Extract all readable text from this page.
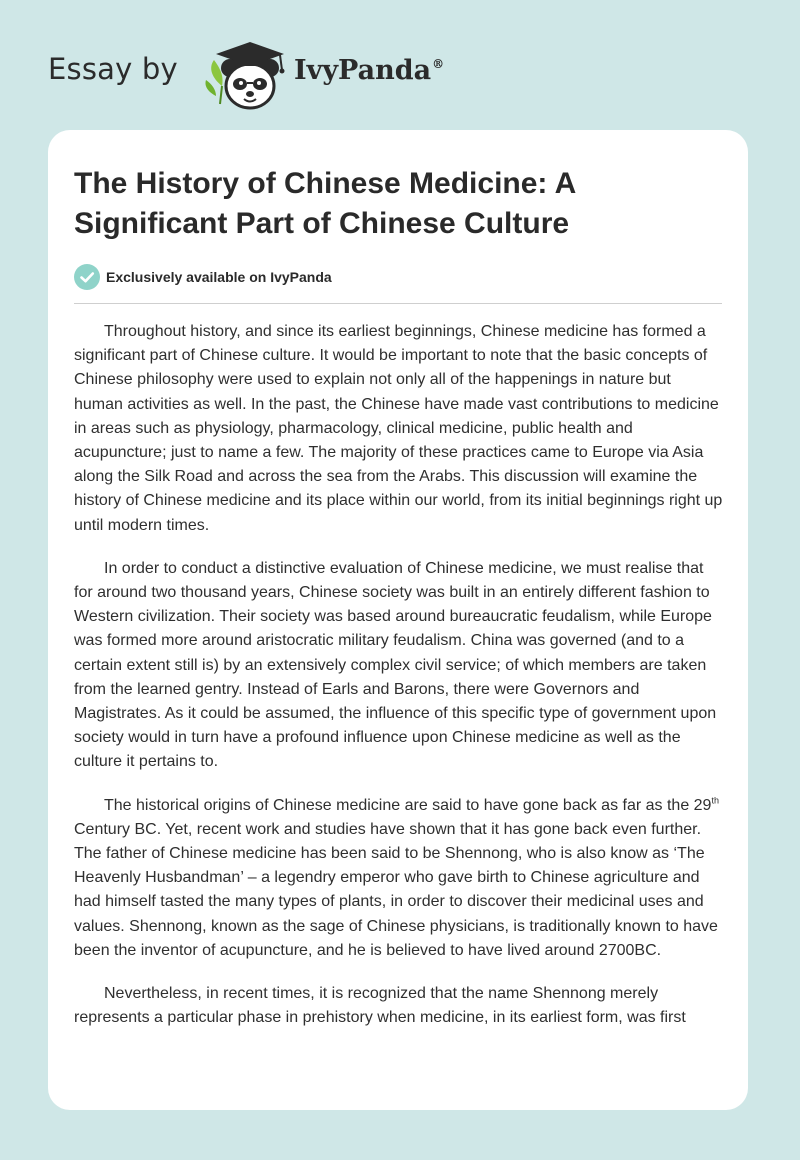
Essay by	IvyPanda®
The History of Chinese Medicine: A Significant Part of Chinese Culture
Exclusively available on IvyPanda

Throughout history, and since its earliest beginnings, Chinese medicine has formed a significant part of Chinese culture. It would be important to note that the basic concepts of Chinese philosophy were used to explain not only all of the happenings in nature but human activities as well. In the past, the Chinese have made vast contributions to medicine in areas such as physiology, pharmacology, clinical medicine, public health and acupuncture; just to name a few. The majority of these practices came to Europe via Asia along the Silk Road and across the sea from the Arabs. This discussion will examine the history of Chinese medicine and its place within our world, from its initial beginnings right up until modern times.

In order to conduct a distinctive evaluation of Chinese medicine, we must realise that for around two thousand years, Chinese society was built in an entirely different fashion to Western civilization. Their society was based around bureaucratic feudalism, while Europe was formed more around aristocratic military feudalism. China was governed (and to a certain extent still is) by an extensively complex civil service; of which members are taken from the learned gentry. Instead of Earls and Barons, there were Governors and Magistrates. As it could be assumed, the influence of this specific type of government upon society would in turn have a profound influence upon Chinese medicine as well as the culture it pertains to.

The historical origins of Chinese medicine are said to have gone back as far as the 29th Century BC. Yet, recent work and studies have shown that it has gone back even further. The father of Chinese medicine has been said to be Shennong, who is also know as ‘The Heavenly Husbandman’ – a legendry emperor who gave birth to Chinese agriculture and had himself tasted the many types of plants, in order to discover their medicinal uses and values. Shennong, known as the sage of Chinese physicians, is traditionally known to have been the inventor of acupuncture, and he is believed to have lived around 2700BC.

Nevertheless, in recent times, it is recognized that the name Shennong merely represents a particular phase in prehistory when medicine, in its earliest form, was first
